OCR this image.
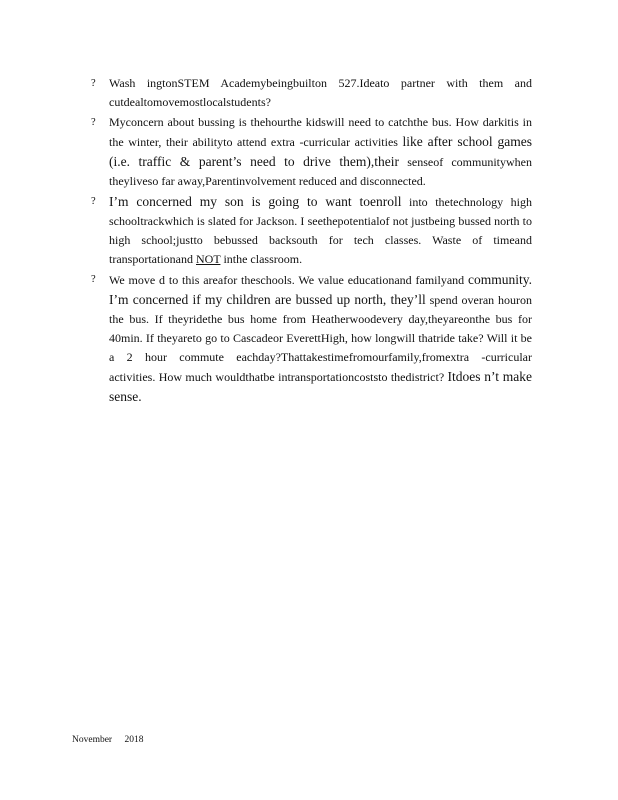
? Wash ingtonSTEM Academybeingbuilton 527.Ideato partner with them and cutdealtomovemostlocalstudents?
? Myconcern about bussing is thehourthe kidswill need to catchthe bus. How darkitis in the winter, their abilityto attend extra -curricular activities like after school games (i.e. traffic & parent’s need to drive them),their senseof communitywhen theyliveso far away,Parentinvolvement reduced and disconnected.
? I’m concerned my son is going to want toenroll into thetechnology high schooltrackwhich is slated for Jackson. I seethepotentialof not justbeing bussed north to high school;justto bebussed backsouth for tech classes. Waste of timeand transportationand NOT inthe classroom.
? We move d to this areafor theschools. We value educationand familyand community. I’m concerned if my children are bussed up north, they’ll spend overan houron the bus. If theyridethe bus home from Heatherwoodevery day,theyareonthe bus for 40min. If theyareto go to Cascadeor EverettHigh, how longwill thatride take? Will it be a 2 hour commute eachday?Thattakestimefromourfamily,fromextra -curricular activities. How much wouldthatbe intransportationcoststo thedistrict? Itdoes n’t make sense.
November 2018
